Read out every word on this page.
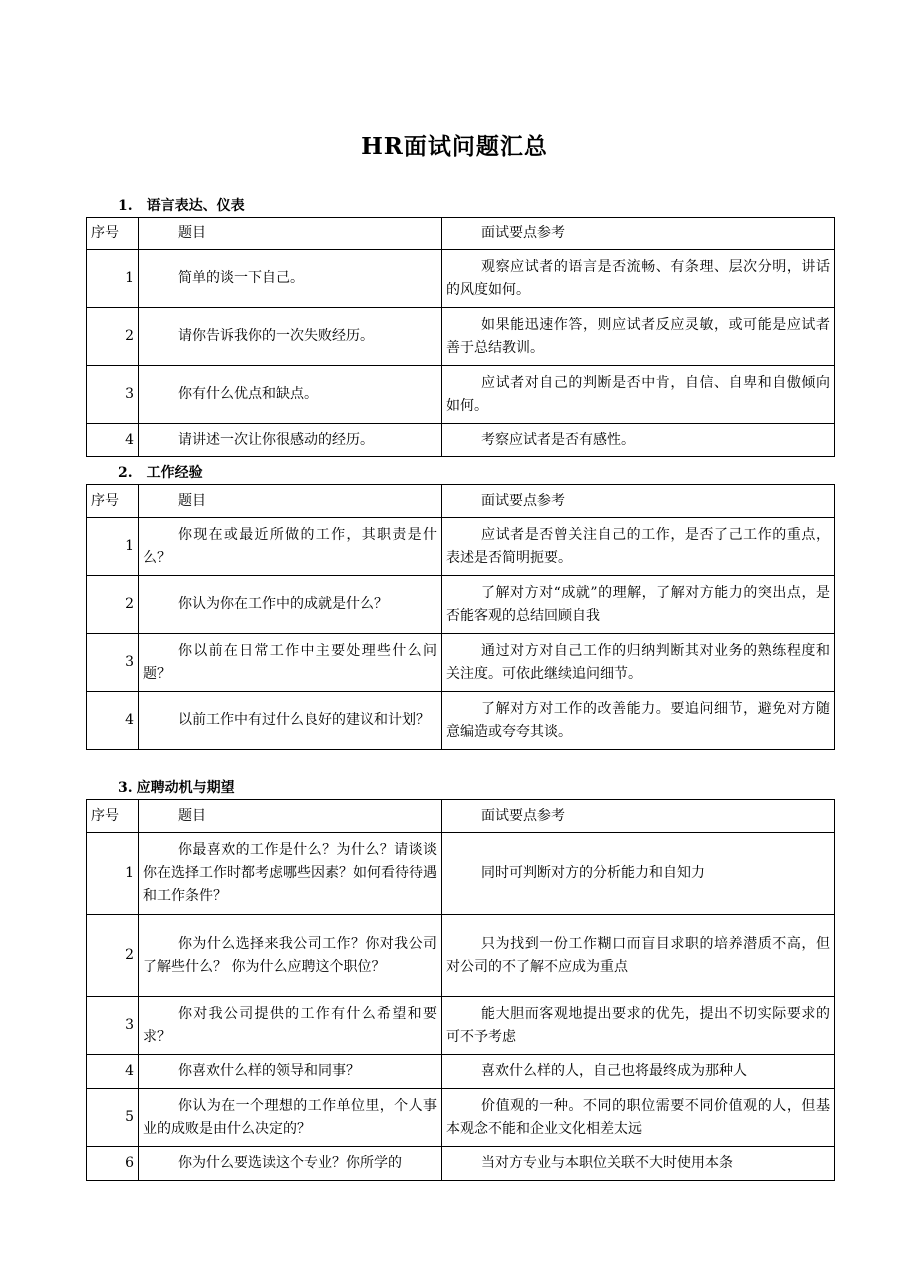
HR面试问题汇总
1. 语言表达、仪表
序号	题目	面试要点参考
1	简单的谈一下自己。	观察应试者的语言是否流畅、有条理、层次分明，讲话的风度如何。
2	请你告诉我你的一次失败经历。	如果能迅速作答，则应试者反应灵敏，或可能是应试者善于总结教训。
3	你有什么优点和缺点。	应试者对自己的判断是否中肯，自信、自卑和自傲倾向如何。
4	请讲述一次让你很感动的经历。	考察应试者是否有感性。
2. 工作经验
序号	题目	面试要点参考
1	你现在或最近所做的工作，其职责是什么？	应试者是否曾关注自己的工作，是否了己工作的重点，表述是否简明扼要。
2	你认为你在工作中的成就是什么？	了解对方对“成就”的理解，了解对方能力的突出点，是否能客观的总结回顾自我
3	你以前在日常工作中主要处理些什么问题？	通过对方对自己工作的归纳判断其对业务的熟练程度和关注度。可依此继续追问细节。
4	以前工作中有过什么良好的建议和计划？	了解对方对工作的改善能力。要追问细节，避免对方随意编造或夸夸其谈。
3. 应聘动机与期望
序号	题目	面试要点参考
1	你最喜欢的工作是什么？为什么？请谈谈你在选择工作时都考虑哪些因素？如何看待待遇和工作条件？	同时可判断对方的分析能力和自知力
2	你为什么选择来我公司工作？你对我公司了解些什么？ 你为什么应聘这个职位？	只为找到一份工作糊口而盲目求职的培养潜质不高，但对公司的不了解不应成为重点
3	你对我公司提供的工作有什么希望和要求？	能大胆而客观地提出要求的优先，提出不切实际要求的可不予考虑
4	你喜欢什么样的领导和同事？	喜欢什么样的人，自己也将最终成为那种人
5	你认为在一个理想的工作单位里，个人事业的成败是由什么决定的？	价值观的一种。不同的职位需要不同价值观的人，但基本观念不能和企业文化相差太远
6	你为什么要选读这个专业？你所学的	当对方专业与本职位关联不大时使用本条
